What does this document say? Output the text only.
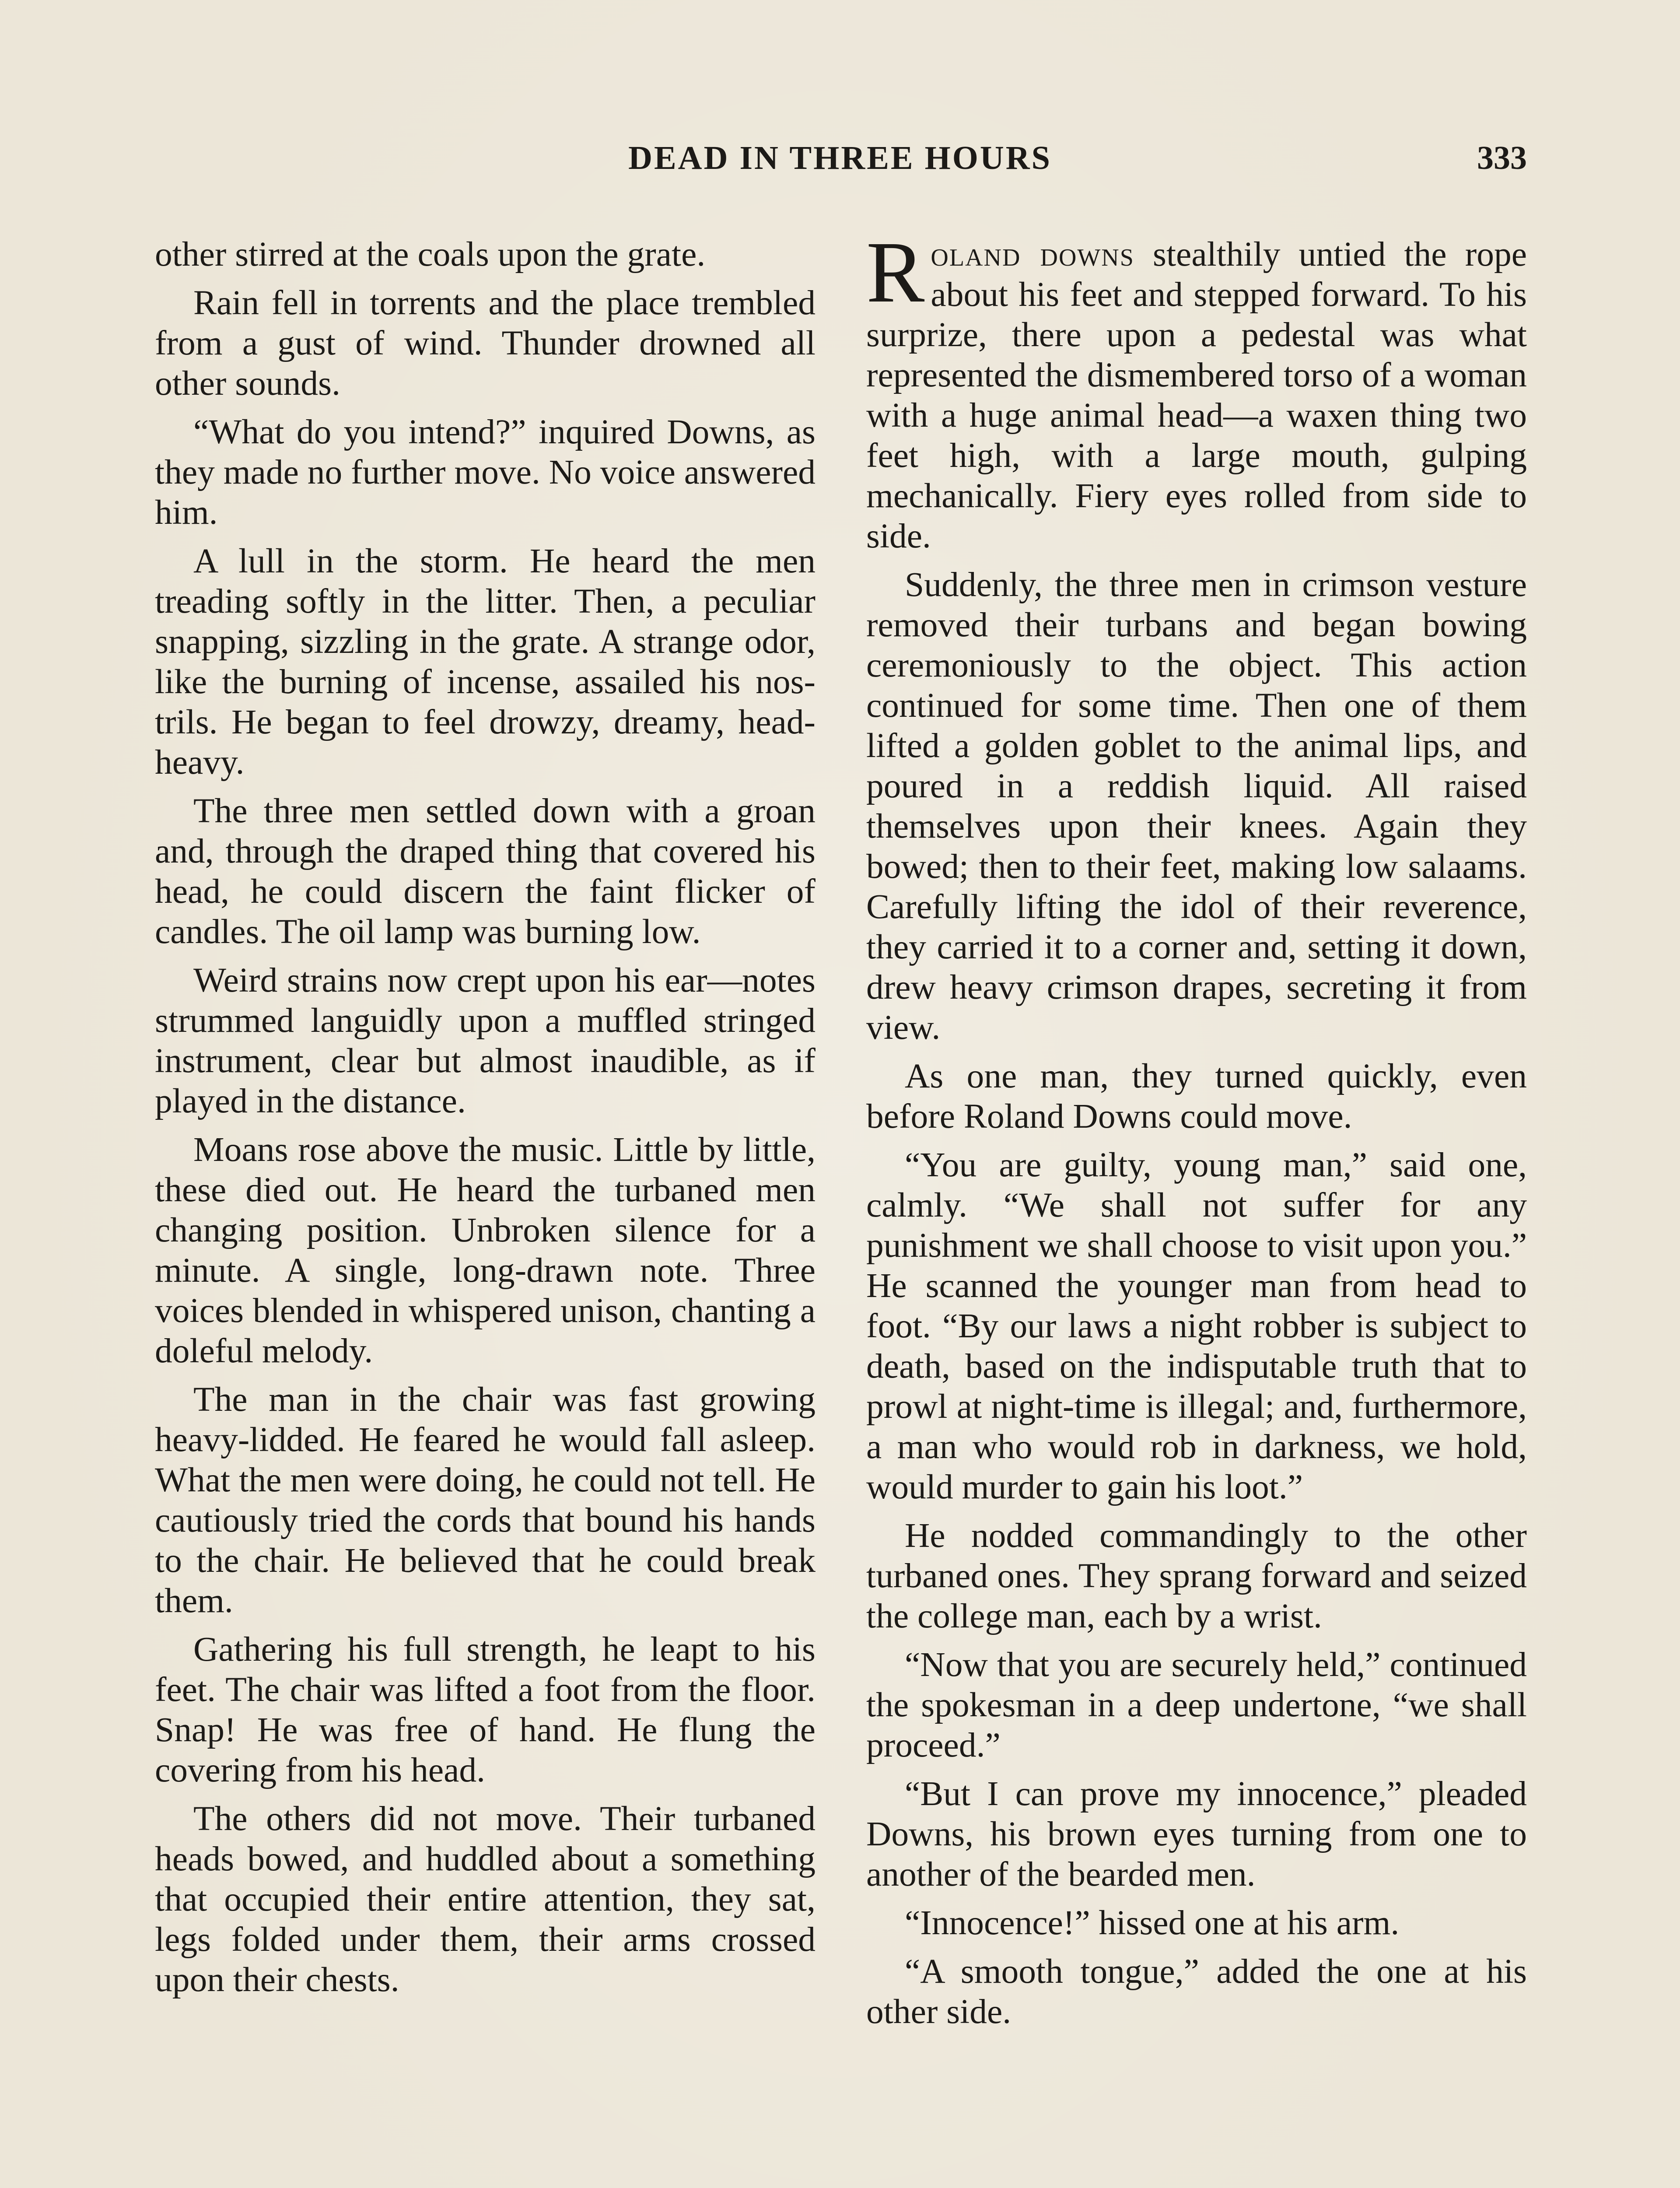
DEAD IN THREE HOURS	333

other stirred at the coals upon the grate.

Rain fell in torrents and the place trembled from a gust of wind. Thunder drowned all other sounds.

“What do you intend?” inquired Downs, as they made no further move. No voice answered him.

A lull in the storm. He heard the men treading softly in the litter. Then, a peculiar snapping, sizzling in the grate. A strange odor, like the burning of incense, assailed his nostrils. He began to feel drowzy, dreamy, head-heavy.

The three men settled down with a groan and, through the draped thing that covered his head, he could discern the faint flicker of candles. The oil lamp was burning low.

Weird strains now crept upon his ear—notes strummed languidly upon a muffled stringed instrument, clear but almost inaudible, as if played in the distance.

Moans rose above the music. Little by little, these died out. He heard the turbaned men changing position. Unbroken silence for a minute. A single, long-drawn note. Three voices blended in whispered unison, chanting a doleful melody.

The man in the chair was fast growing heavy-lidded. He feared he would fall asleep. What the men were doing, he could not tell. He cautiously tried the cords that bound his hands to the chair. He believed that he could break them.

Gathering his full strength, he leapt to his feet. The chair was lifted a foot from the floor. Snap! He was free of hand. He flung the covering from his head.

The others did not move. Their turbaned heads bowed, and huddled about a something that occupied their entire attention, they sat, legs folded under them, their arms crossed upon their chests.

Roland downs stealthily untied the rope about his feet and stepped forward. To his surprize, there upon a pedestal was what represented the dismembered torso of a woman with a huge animal head—a waxen thing two feet high, with a large mouth, gulping mechanically. Fiery eyes rolled from side to side.

Suddenly, the three men in crimson vesture removed their turbans and began bowing ceremoniously to the object. This action continued for some time. Then one of them lifted a golden goblet to the animal lips, and poured in a reddish liquid. All raised themselves upon their knees. Again they bowed; then to their feet, making low salaams. Carefully lifting the idol of their reverence, they carried it to a corner and, setting it down, drew heavy crimson drapes, secreting it from view.

As one man, they turned quickly, even before Roland Downs could move.

“You are guilty, young man,” said one, calmly. “We shall not suffer for any punishment we shall choose to visit upon you.” He scanned the younger man from head to foot. “By our laws a night robber is subject to death, based on the indisputable truth that to prowl at night-time is illegal; and, furthermore, a man who would rob in darkness, we hold, would murder to gain his loot.”

He nodded commandingly to the other turbaned ones. They sprang forward and seized the college man, each by a wrist.

“Now that you are securely held,” continued the spokesman in a deep undertone, “we shall proceed.”

“But I can prove my innocence,” pleaded Downs, his brown eyes turning from one to another of the bearded men.

“Innocence!” hissed one at his arm.

“A smooth tongue,” added the one at his other side.
